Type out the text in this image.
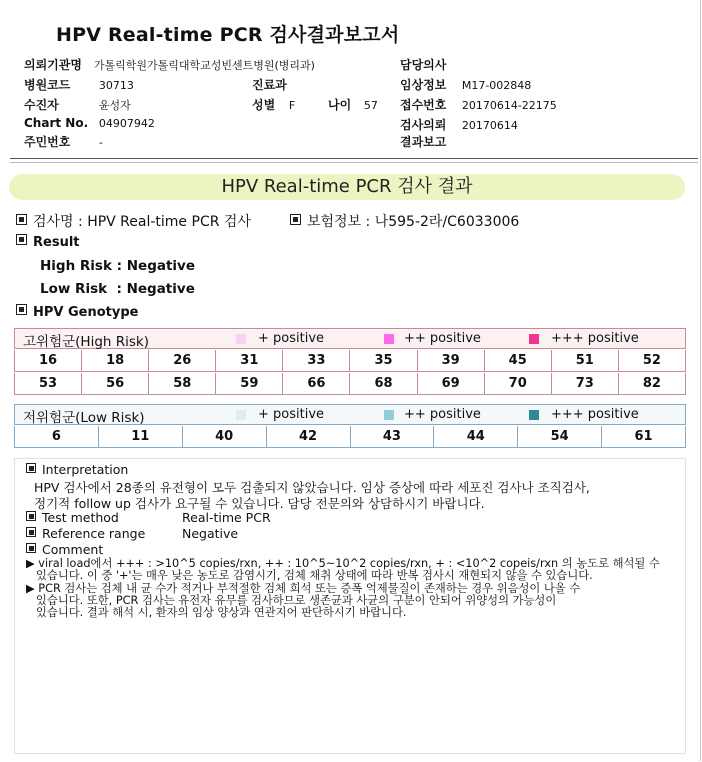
HPV Real-time PCR 검사결과보고서
의뢰기관명 가톨릭학원가톨릭대학교성빈센트병원(병리과)	담당의사
병원코드	30713	진료과	임상정보 M17-002848
수진자	윤성자	성별 F	나이 57 접수번호 20170614-22175
Chart No. 04907942	검사의뢰 20170614
주민번호	-	결과보고
HPV Real-time PCR 검사 결과
검사명 : HPV Real-time PCR 검사	보험정보 : 나595-2라/C6033006
Result
High Risk : Negative
Low Risk  : Negative
HPV Genotype
고위험군(High Risk)	+ positive	++ positive	+++ positive
16	18	26	31	33	35	39	45	51	52
53	56	58	59	66	68	69	70	73	82
저위험군(Low Risk)	+ positive	++ positive	+++ positive
6	11	40	42	43	44	54	61
Interpretation
HPV 검사에서 28종의 유전형이 모두 검출되지 않았습니다. 임상 증상에 따라 세포진 검사나 조직검사,
정기적 follow up 검사가 요구될 수 있습니다. 담당 전문의와 상담하시기 바랍니다.
Test method	Real-time PCR
Reference range	Negative
Comment
▶ viral load에서 +++ : >10^5 copies/rxn, ++ : 10^5~10^2 copies/rxn, + : <10^2 copeis/rxn 의 농도로 해석될 수
있습니다. 이 중 '+'는 매우 낮은 농도로 감염시기, 검체 채취 상태에 따라 반복 검사시 재현되지 않을 수 있습니다.
▶ PCR 검사는 검체 내 균 수가 적거나 부적절한 검체 희석 또는 증폭 억제물질이 존재하는 경우 위음성이 나올 수
있습니다. 또한, PCR 검사는 유전자 유무를 검사하므로 생존균과 사균의 구분이 안되어 위양성의 가능성이
있습니다. 결과 해석 시, 환자의 임상 양상과 연관지어 판단하시기 바랍니다.
